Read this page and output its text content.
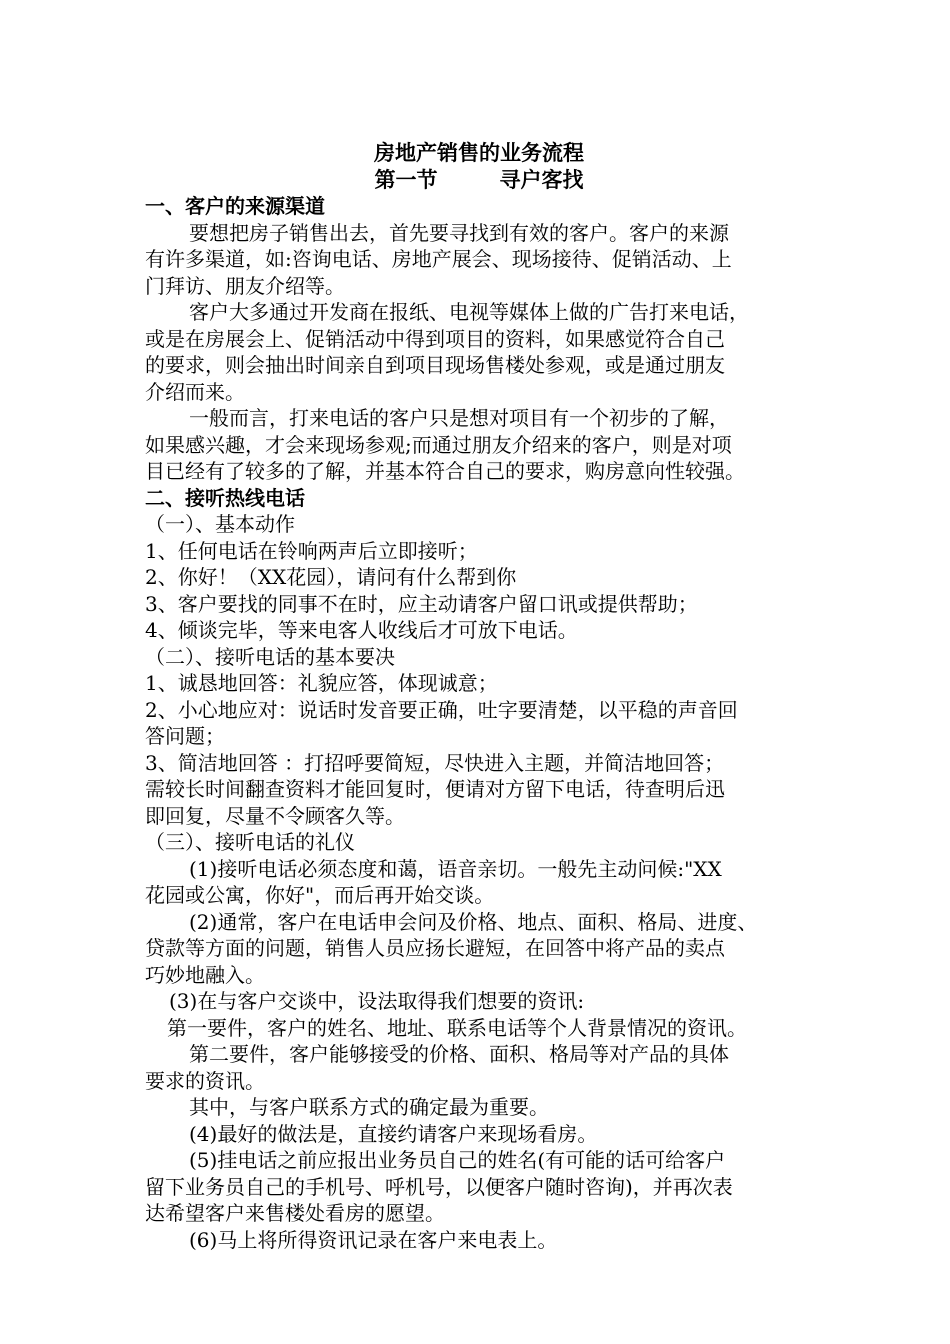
房地产销售的业务流程
第一节	寻户客找
一、客户的来源渠道
要想把房子销售出去，首先要寻找到有效的客户。客户的来源
有许多渠道，如:咨询电话、房地产展会、现场接待、促销活动、上
门拜访、朋友介绍等。
客户大多通过开发商在报纸、电视等媒体上做的广告打来电话，
或是在房展会上、促销活动中得到项目的资料，如果感觉符合自己
的要求，则会抽出时间亲自到项目现场售楼处参观，或是通过朋友
介绍而来。
一般而言，打来电话的客户只是想对项目有一个初步的了解，
如果感兴趣，才会来现场参观;而通过朋友介绍来的客户，则是对项
目已经有了较多的了解，并基本符合自己的要求，购房意向性较强。
二、接听热线电话
（一）、基本动作
1、任何电话在铃响两声后立即接听；
2、你好！（XX花园），请问有什么帮到你
3、客户要找的同事不在时，应主动请客户留口讯或提供帮助；
4、倾谈完毕，等来电客人收线后才可放下电话。
（二）、接听电话的基本要决
1、诚恳地回答：礼貌应答，体现诚意；
2、小心地应对：说话时发音要正确，吐字要清楚，以平稳的声音回
答问题；
3、简洁地回答 ：打招呼要简短，尽快进入主题，并简洁地回答；
需较长时间翻查资料才能回复时，便请对方留下电话，待查明后迅
即回复，尽量不令顾客久等。
（三）、接听电话的礼仪
(1)接听电话必须态度和蔼，语音亲切。一般先主动问候:"XX
花园或公寓，你好"，而后再开始交谈。
(2)通常，客户在电话申会问及价格、地点、面积、格局、进度、
贷款等方面的问题，销售人员应扬长避短，在回答中将产品的卖点
巧妙地融入。
(3)在与客户交谈中，设法取得我们想要的资讯:
第一要件，客户的姓名、地址、联系电话等个人背景情况的资讯。
第二要件，客户能够接受的价格、面积、格局等对产品的具体
要求的资讯。
其中，与客户联系方式的确定最为重要。
(4)最好的做法是，直接约请客户来现场看房。
(5)挂电话之前应报出业务员自己的姓名(有可能的话可给客户
留下业务员自己的手机号、呼机号，以便客户随时咨询)，并再次表
达希望客户来售楼处看房的愿望。
(6)马上将所得资讯记录在客户来电表上。
